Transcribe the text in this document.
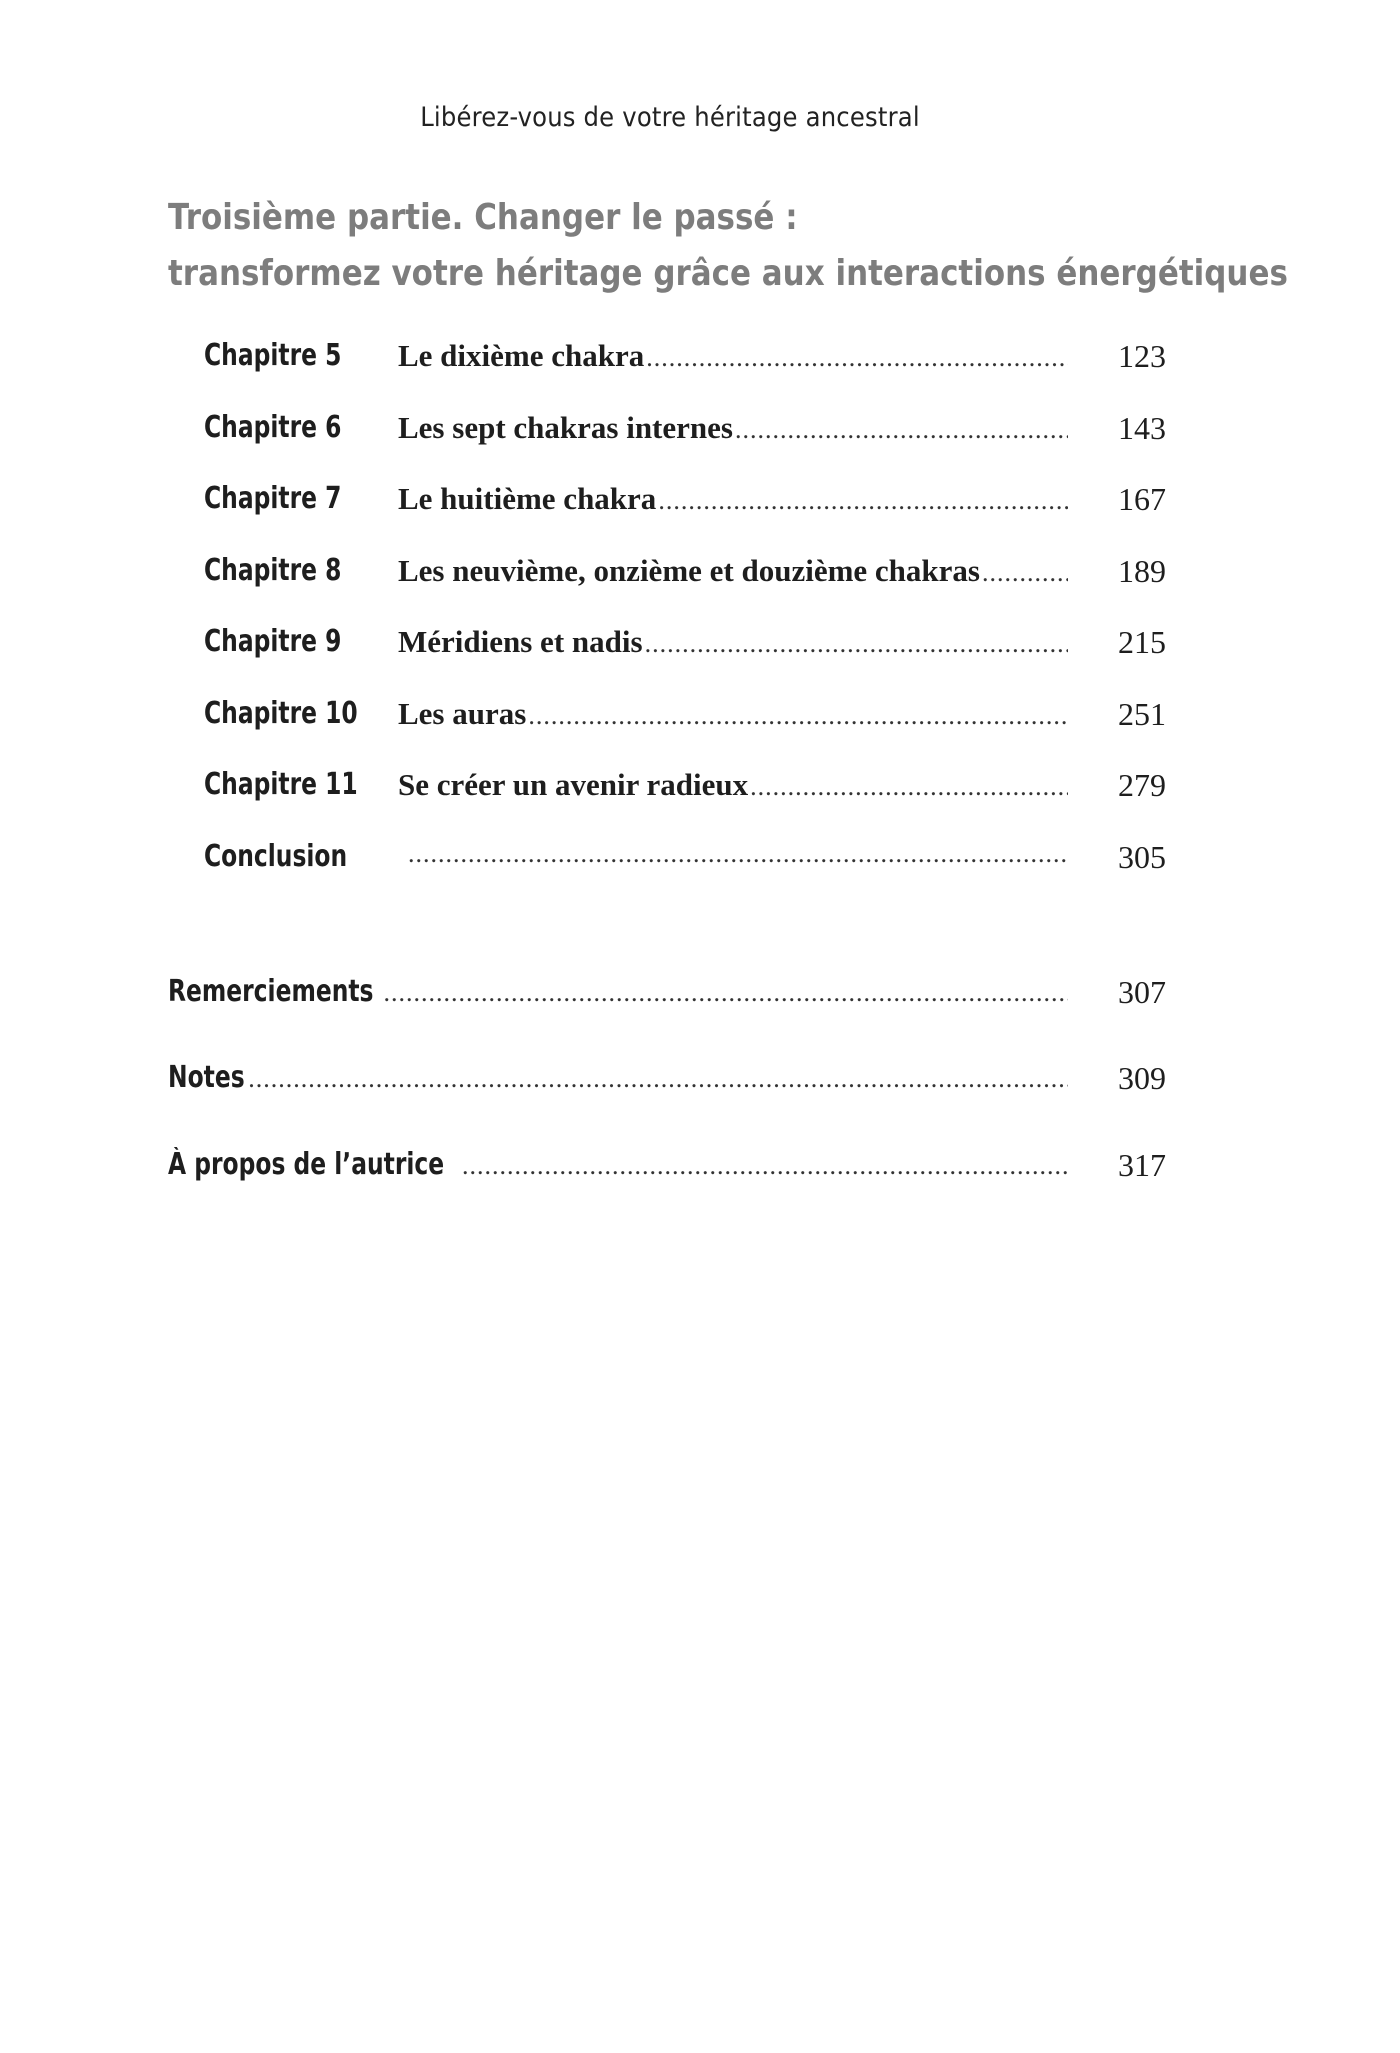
Libérez-vous de votre héritage ancestral
Troisième partie. Changer le passé :
transformez votre héritage grâce aux interactions énergétiques
Chapitre 5 Le dixième chakra .....	123
Chapitre 6 Les sept chakras internes .....	143
Chapitre 7 Le huitième chakra .....	167
Chapitre 8 Les neuvième, onzième et douzième chakras .....	189
Chapitre 9 Méridiens et nadis .....	215
Chapitre 10 Les auras .....	251
Chapitre 11 Se créer un avenir radieux .....	279
Conclusion .....	305
Remerciements .....	307
Notes .....	309
À propos de l’autrice .....	317
